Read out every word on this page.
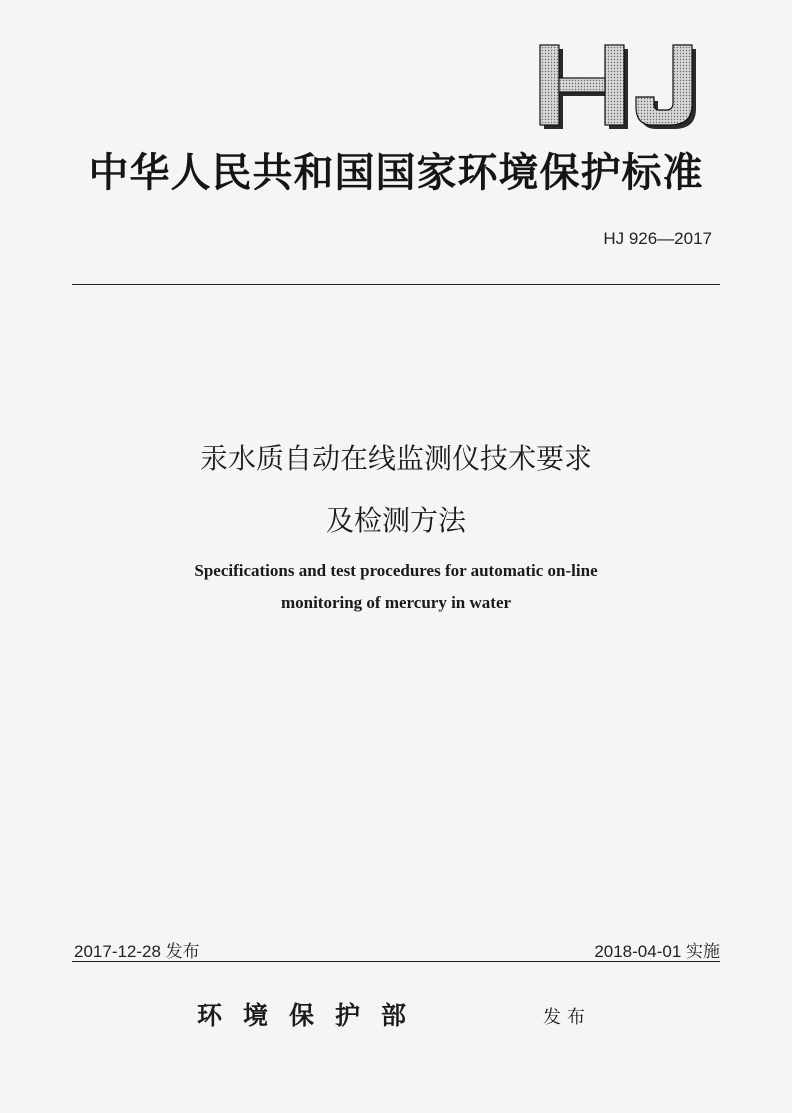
中华人民共和国国家环境保护标准
HJ 926—2017
汞水质自动在线监测仪技术要求
及检测方法
Specifications and test procedures for automatic on-line
monitoring of mercury in water
2017-12-28 发布	2018-04-01 实施
环境保护部	发布
